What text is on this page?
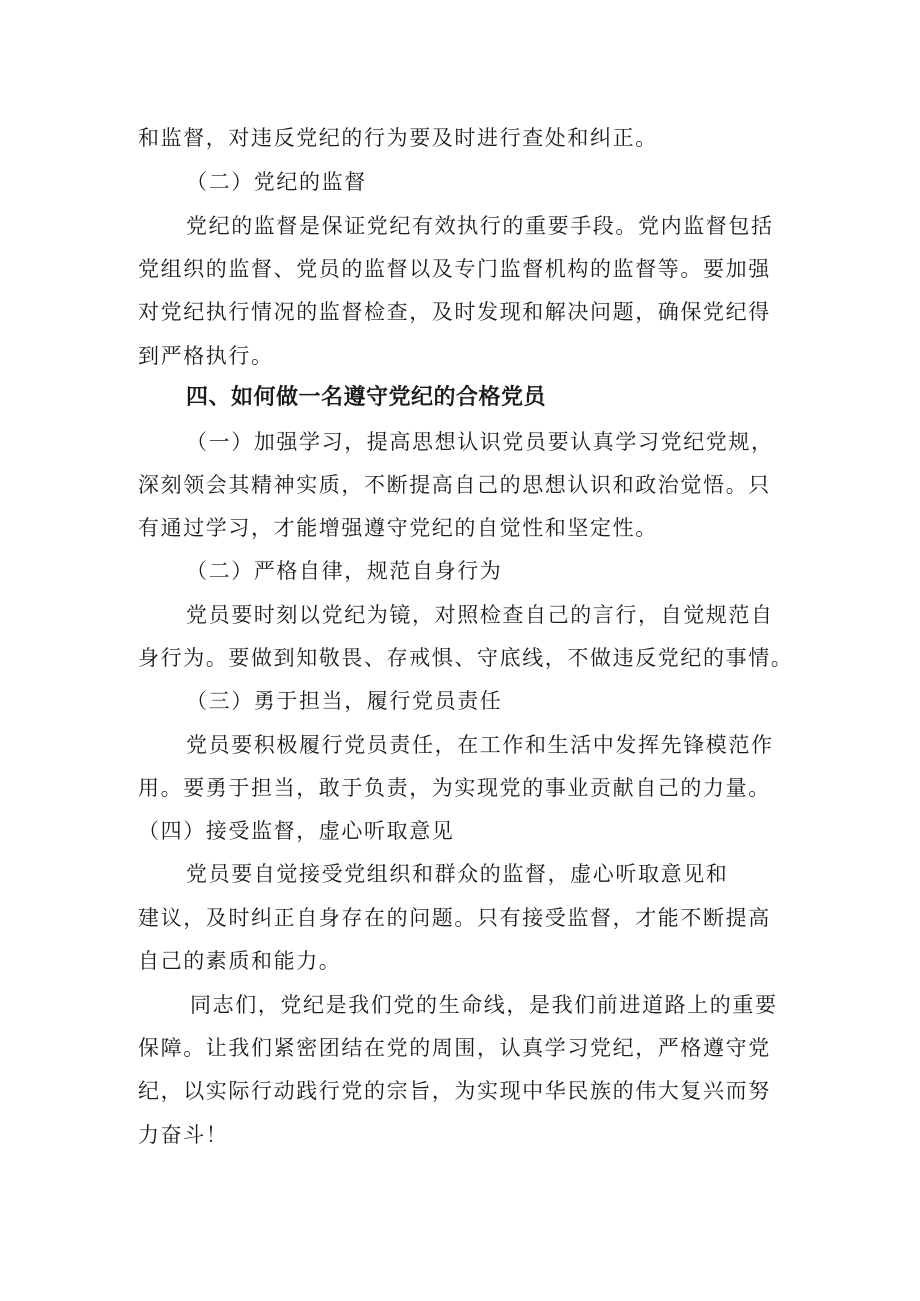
和监督，对违反党纪的行为要及时进行查处和纠正。
（二）党纪的监督
党纪的监督是保证党纪有效执行的重要手段。党内监督包括
党组织的监督、党员的监督以及专门监督机构的监督等。要加强
对党纪执行情况的监督检查，及时发现和解决问题，确保党纪得
到严格执行。
四、如何做一名遵守党纪的合格党员
（一）加强学习，提高思想认识党员要认真学习党纪党规，
深刻领会其精神实质，不断提高自己的思想认识和政治觉悟。只
有通过学习，才能增强遵守党纪的自觉性和坚定性。
（二）严格自律，规范自身行为
党员要时刻以党纪为镜，对照检查自己的言行，自觉规范自
身行为。要做到知敬畏、存戒惧、守底线，不做违反党纪的事情。
（三）勇于担当，履行党员责任
党员要积极履行党员责任，在工作和生活中发挥先锋模范作
用。要勇于担当，敢于负责，为实现党的事业贡献自己的力量。
（四）接受监督，虚心听取意见
党员要自觉接受党组织和群众的监督，虚心听取意见和
建议，及时纠正自身存在的问题。只有接受监督，才能不断提高
自己的素质和能力。
同志们，党纪是我们党的生命线，是我们前进道路上的重要
保障。让我们紧密团结在党的周围，认真学习党纪，严格遵守党
纪，以实际行动践行党的宗旨，为实现中华民族的伟大复兴而努
力奋斗！
